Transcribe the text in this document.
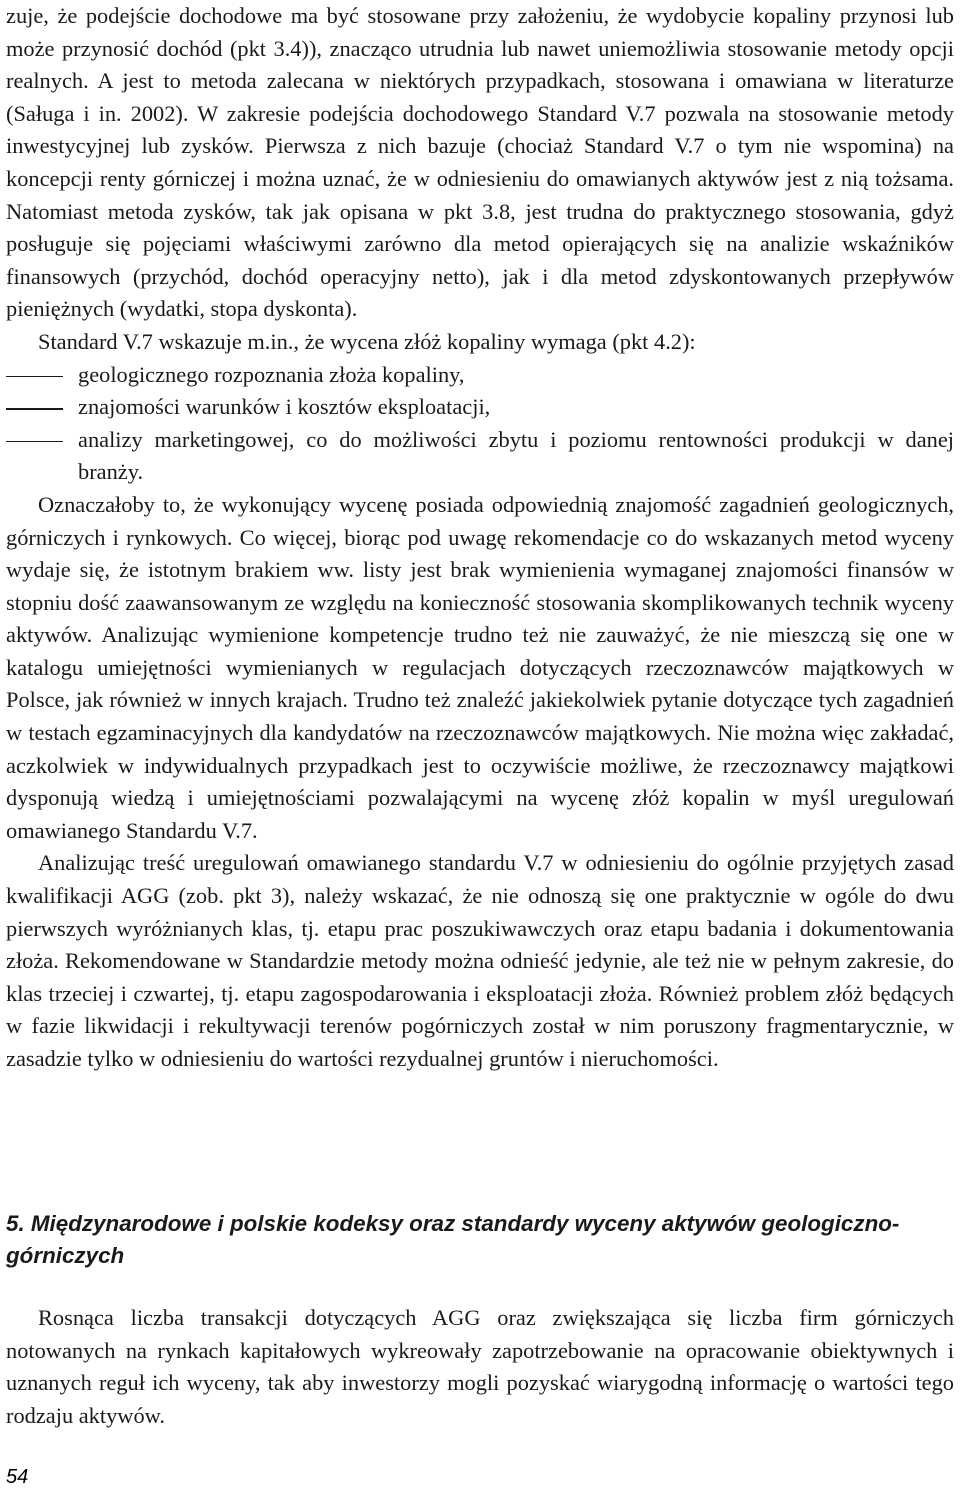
zuje, że podejście dochodowe ma być stosowane przy założeniu, że wydobycie kopaliny przynosi lub może przynosić dochód (pkt 3.4)), znacząco utrudnia lub nawet uniemożliwia stosowanie metody opcji realnych. A jest to metoda zalecana w niektórych przypadkach, stosowana i omawiana w literaturze (Saługa i in. 2002). W zakresie podejścia dochodowego Standard V.7 pozwala na stosowanie metody inwestycyjnej lub zysków. Pierwsza z nich bazuje (chociaż Standard V.7 o tym nie wspomina) na koncepcji renty górniczej i można uznać, że w odniesieniu do omawianych aktywów jest z nią tożsama. Natomiast metoda zysków, tak jak opisana w pkt 3.8, jest trudna do praktycznego stosowania, gdyż posługuje się pojęciami właściwymi zarówno dla metod opierających się na analizie wskaźników finansowych (przychód, dochód operacyjny netto), jak i dla metod zdyskontowanych przepływów pieniężnych (wydatki, stopa dyskonta).

Standard V.7 wskazuje m.in., że wycena złóż kopaliny wymaga (pkt 4.2):

geologicznego rozpoznania złoża kopaliny,
znajomości warunków i kosztów eksploatacji,
analizy marketingowej, co do możliwości zbytu i poziomu rentowności produkcji w danej branży.

Oznaczałoby to, że wykonujący wycenę posiada odpowiednią znajomość zagadnień geologicznych, górniczych i rynkowych. Co więcej, biorąc pod uwagę rekomendacje co do wskazanych metod wyceny wydaje się, że istotnym brakiem ww. listy jest brak wymienienia wymaganej znajomości finansów w stopniu dość zaawansowanym ze względu na konieczność stosowania skomplikowanych technik wyceny aktywów. Analizując wymienione kompetencje trudno też nie zauważyć, że nie mieszczą się one w katalogu umiejętności wymienianych w regulacjach dotyczących rzeczoznawców majątkowych w Polsce, jak również w innych krajach. Trudno też znaleźć jakiekolwiek pytanie dotyczące tych zagadnień w testach egzaminacyjnych dla kandydatów na rzeczoznawców majątkowych. Nie można więc zakładać, aczkolwiek w indywidualnych przypadkach jest to oczywiście możliwe, że rzeczoznawcy majątkowi dysponują wiedzą i umiejętnościami pozwalającymi na wycenę złóż kopalin w myśl uregulowań omawianego Standardu V.7.

Analizując treść uregulowań omawianego standardu V.7 w odniesieniu do ogólnie przyjętych zasad kwalifikacji AGG (zob. pkt 3), należy wskazać, że nie odnoszą się one praktycznie w ogóle do dwu pierwszych wyróżnianych klas, tj. etapu prac poszukiwawczych oraz etapu badania i dokumentowania złoża. Rekomendowane w Standardzie metody można odnieść jedynie, ale też nie w pełnym zakresie, do klas trzeciej i czwartej, tj. etapu zagospodarowania i eksploatacji złoża. Również problem złóż będących w fazie likwidacji i rekultywacji terenów pogórniczych został w nim poruszony fragmentarycznie, w zasadzie tylko w odniesieniu do wartości rezydualnej gruntów i nieruchomości.

5. Międzynarodowe i polskie kodeksy oraz standardy wyceny aktywów geologiczno-górniczych

Rosnąca liczba transakcji dotyczących AGG oraz zwiększająca się liczba firm górniczych notowanych na rynkach kapitałowych wykreowały zapotrzebowanie na opracowanie obiektywnych i uznanych reguł ich wyceny, tak aby inwestorzy mogli pozyskać wiarygodną informację o wartości tego rodzaju aktywów.

54
